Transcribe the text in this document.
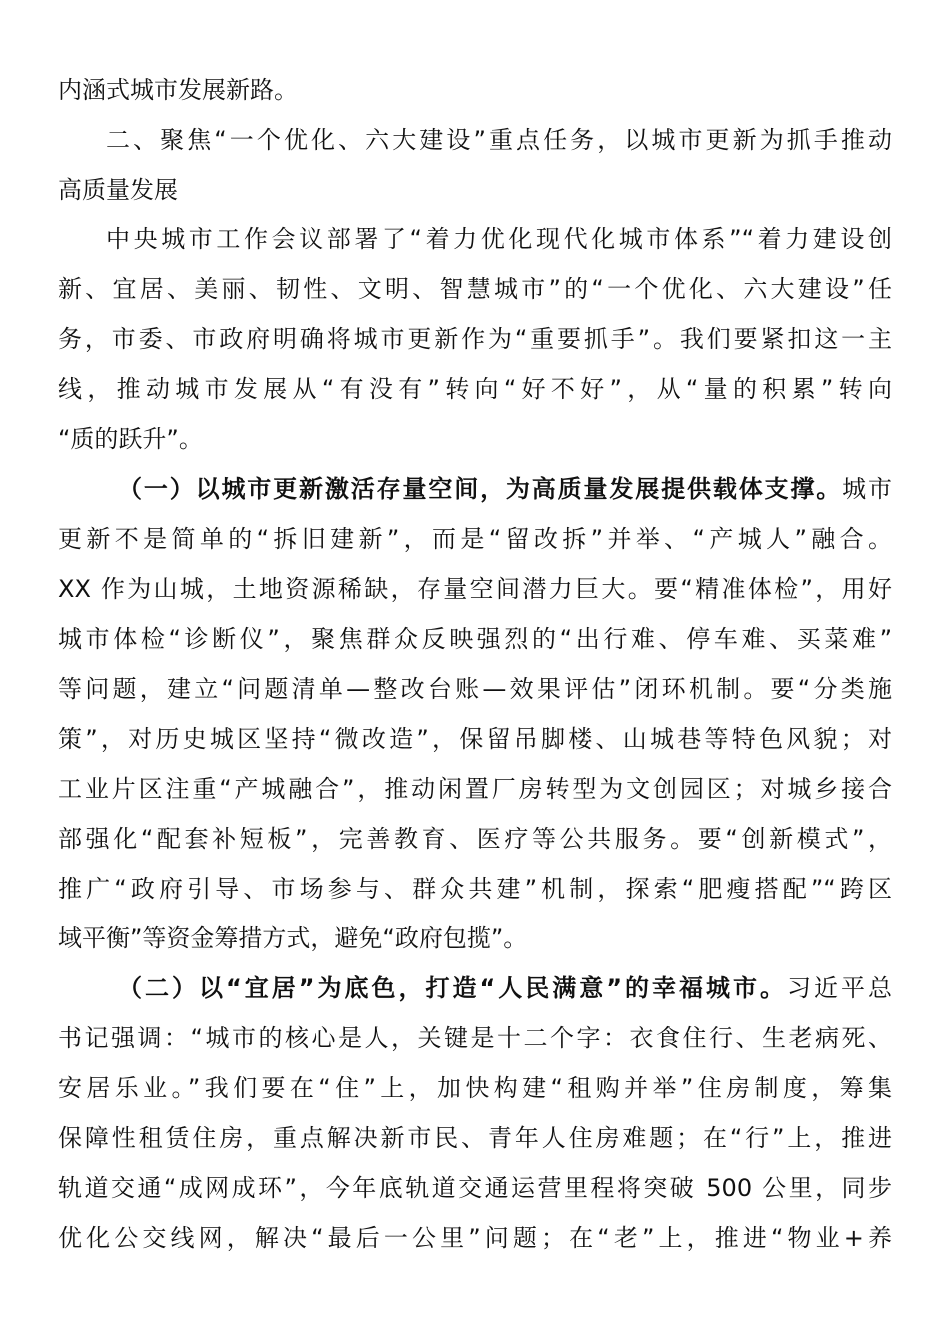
内涵式城市发展新路。
二、聚焦“一个优化、六大建设”重点任务，以城市更新为抓手推动
高质量发展
中央城市工作会议部署了“着力优化现代化城市体系”“着力建设创
新、宜居、美丽、韧性、文明、智慧城市”的“一个优化、六大建设”任
务，市委、市政府明确将城市更新作为“重要抓手”。我们要紧扣这一主
线，推动城市发展从“有没有”转向“好不好”，从“量的积累”转向
“质的跃升”。
（一）以城市更新激活存量空间，为高质量发展提供载体支撑。城市
更新不是简单的“拆旧建新”，而是“留改拆”并举、“产城人”融合。
XX 作为山城，土地资源稀缺，存量空间潜力巨大。要“精准体检”，用好
城市体检“诊断仪”，聚焦群众反映强烈的“出行难、停车难、买菜难”
等问题，建立“问题清单—整改台账—效果评估”闭环机制。要“分类施
策”，对历史城区坚持“微改造”，保留吊脚楼、山城巷等特色风貌；对
工业片区注重“产城融合”，推动闲置厂房转型为文创园区；对城乡接合
部强化“配套补短板”，完善教育、医疗等公共服务。要“创新模式”，
推广“政府引导、市场参与、群众共建”机制，探索“肥瘦搭配”“跨区
域平衡”等资金筹措方式，避免“政府包揽”。
（二）以“宜居”为底色，打造“人民满意”的幸福城市。习近平总
书记强调：“城市的核心是人，关键是十二个字：衣食住行、生老病死、
安居乐业。”我们要在“住”上，加快构建“租购并举”住房制度，筹集
保障性租赁住房，重点解决新市民、青年人住房难题；在“行”上，推进
轨道交通“成网成环”，今年底轨道交通运营里程将突破 500 公里，同步
优化公交线网，解决“最后一公里”问题；在“老”上，推进“物业+养
